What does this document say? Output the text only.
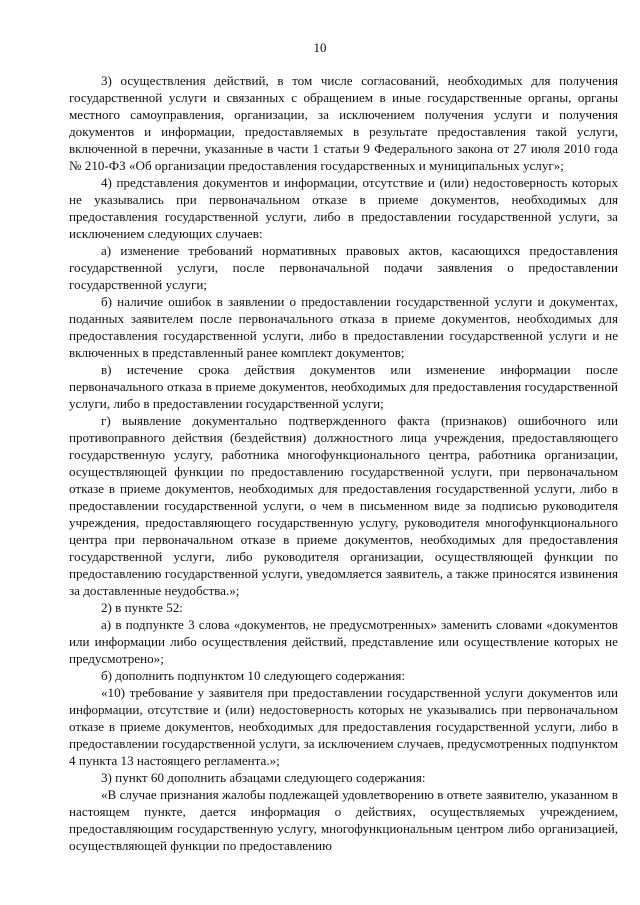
10

3) осуществления действий, в том числе согласований, необходимых для получения государственной услуги и связанных с обращением в иные государственные органы, органы местного самоуправления, организации, за исключением получения услуги и получения документов и информации, предоставляемых в результате предоставления такой услуги, включенной в перечни, указанные в части 1 статьи 9 Федерального закона от 27 июля 2010 года № 210-ФЗ «Об организации предоставления государственных и муниципальных услуг»;

4) представления документов и информации, отсутствие и (или) недостоверность которых не указывались при первоначальном отказе в приеме документов, необходимых для предоставления государственной услуги, либо в предоставлении государственной услуги, за исключением следующих случаев:

а) изменение требований нормативных правовых актов, касающихся предоставления государственной услуги, после первоначальной подачи заявления о предоставлении государственной услуги;

б) наличие ошибок в заявлении о предоставлении государственной услуги и документах, поданных заявителем после первоначального отказа в приеме документов, необходимых для предоставления государственной услуги, либо в предоставлении государственной услуги и не включенных в представленный ранее комплект документов;

в) истечение срока действия документов или изменение информации после первоначального отказа в приеме документов, необходимых для предоставления государственной услуги, либо в предоставлении государственной услуги;

г) выявление документально подтвержденного факта (признаков) ошибочного или противоправного действия (бездействия) должностного лица учреждения, предоставляющего государственную услугу, работника многофункционального центра, работника организации, осуществляющей функции по предоставлению государственной услуги, при первоначальном отказе в приеме документов, необходимых для предоставления государственной услуги, либо в предоставлении государственной услуги, о чем в письменном виде за подписью руководителя учреждения, предоставляющего государственную услугу, руководителя многофункционального центра при первоначальном отказе в приеме документов, необходимых для предоставления государственной услуги, либо руководителя организации, осуществляющей функции по предоставлению государственной услуги, уведомляется заявитель, а также приносятся извинения за доставленные неудобства.»;

2) в пункте 52:

а) в подпункте 3 слова «документов, не предусмотренных» заменить словами «документов или информации либо осуществления действий, представление или осуществление которых не предусмотрено»;

б) дополнить подпунктом 10 следующего содержания:

«10) требование у заявителя при предоставлении государственной услуги документов или информации, отсутствие и (или) недостоверность которых не указывались при первоначальном отказе в приеме документов, необходимых для предоставления государственной услуги, либо в предоставлении государственной услуги, за исключением случаев, предусмотренных подпунктом 4 пункта 13 настоящего регламента.»;

3) пункт 60 дополнить абзацами следующего содержания:

«В случае признания жалобы подлежащей удовлетворению в ответе заявителю, указанном в настоящем пункте, дается информация о действиях, осуществляемых учреждением, предоставляющим государственную услугу, многофункциональным центром либо организацией, осуществляющей функции по предоставлению
